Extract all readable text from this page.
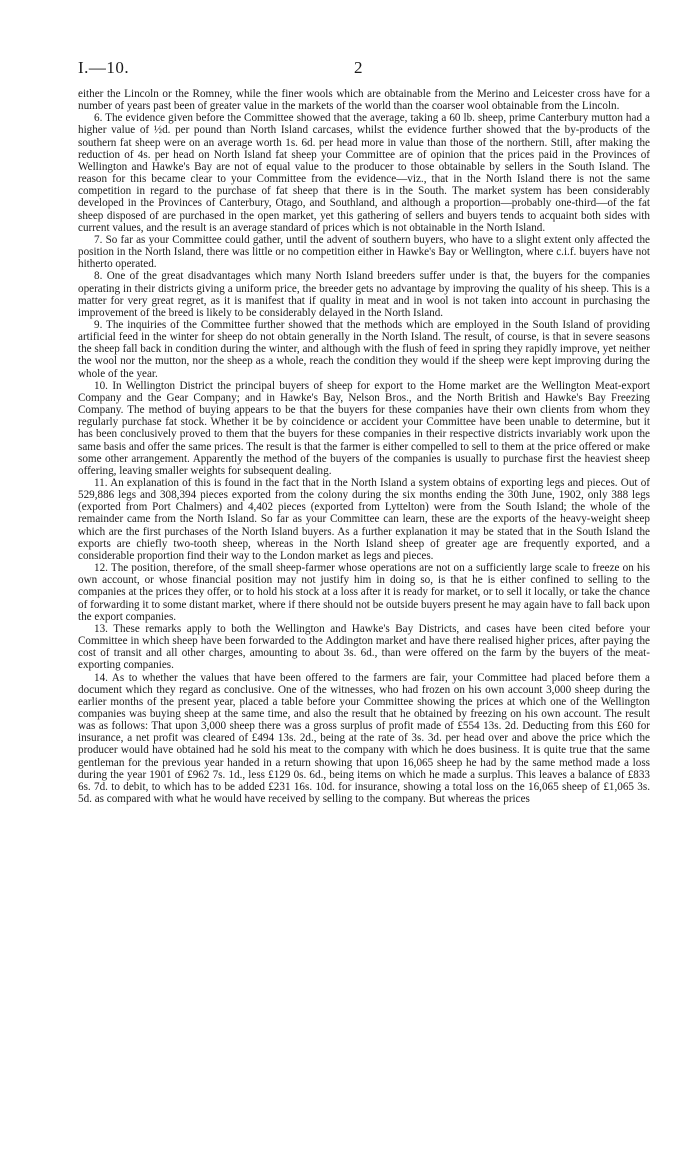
I.—10.	2

either the Lincoln or the Romney, while the finer wools which are obtainable from the Merino and Leicester cross have for a number of years past been of greater value in the markets of the world than the coarser wool obtainable from the Lincoln.

6. The evidence given before the Committee showed that the average, taking a 60 lb. sheep, prime Canterbury mutton had a higher value of ½d. per pound than North Island carcases, whilst the evidence further showed that the by-products of the southern fat sheep were on an average worth 1s. 6d. per head more in value than those of the northern. Still, after making the reduction of 4s. per head on North Island fat sheep your Committee are of opinion that the prices paid in the Provinces of Wellington and Hawke's Bay are not of equal value to the producer to those obtainable by sellers in the South Island. The reason for this became clear to your Committee from the evidence—viz., that in the North Island there is not the same competition in regard to the purchase of fat sheep that there is in the South. The market system has been considerably developed in the Provinces of Canterbury, Otago, and Southland, and although a proportion—probably one-third—of the fat sheep disposed of are purchased in the open market, yet this gathering of sellers and buyers tends to acquaint both sides with current values, and the result is an average standard of prices which is not obtainable in the North Island.

7. So far as your Committee could gather, until the advent of southern buyers, who have to a slight extent only affected the position in the North Island, there was little or no competition either in Hawke's Bay or Wellington, where c.i.f. buyers have not hitherto operated.

8. One of the great disadvantages which many North Island breeders suffer under is that, the buyers for the companies operating in their districts giving a uniform price, the breeder gets no advantage by improving the quality of his sheep. This is a matter for very great regret, as it is manifest that if quality in meat and in wool is not taken into account in purchasing the improvement of the breed is likely to be considerably delayed in the North Island.

9. The inquiries of the Committee further showed that the methods which are employed in the South Island of providing artificial feed in the winter for sheep do not obtain generally in the North Island. The result, of course, is that in severe seasons the sheep fall back in condition during the winter, and although with the flush of feed in spring they rapidly improve, yet neither the wool nor the mutton, nor the sheep as a whole, reach the condition they would if the sheep were kept improving during the whole of the year.

10. In Wellington District the principal buyers of sheep for export to the Home market are the Wellington Meat-export Company and the Gear Company; and in Hawke's Bay, Nelson Bros., and the North British and Hawke's Bay Freezing Company. The method of buying appears to be that the buyers for these companies have their own clients from whom they regularly purchase fat stock. Whether it be by coincidence or accident your Committee have been unable to determine, but it has been conclusively proved to them that the buyers for these companies in their respective districts invariably work upon the same basis and offer the same prices. The result is that the farmer is either compelled to sell to them at the price offered or make some other arrangement. Apparently the method of the buyers of the companies is usually to purchase first the heaviest sheep offering, leaving smaller weights for subsequent dealing.

11. An explanation of this is found in the fact that in the North Island a system obtains of exporting legs and pieces. Out of 529,886 legs and 308,394 pieces exported from the colony during the six months ending the 30th June, 1902, only 388 legs (exported from Port Chalmers) and 4,402 pieces (exported from Lyttelton) were from the South Island; the whole of the remainder came from the North Island. So far as your Committee can learn, these are the exports of the heavy-weight sheep which are the first purchases of the North Island buyers. As a further explanation it may be stated that in the South Island the exports are chiefly two-tooth sheep, whereas in the North Island sheep of greater age are frequently exported, and a considerable proportion find their way to the London market as legs and pieces.

12. The position, therefore, of the small sheep-farmer whose operations are not on a sufficiently large scale to freeze on his own account, or whose financial position may not justify him in doing so, is that he is either confined to selling to the companies at the prices they offer, or to hold his stock at a loss after it is ready for market, or to sell it locally, or take the chance of forwarding it to some distant market, where if there should not be outside buyers present he may again have to fall back upon the export companies.

13. These remarks apply to both the Wellington and Hawke's Bay Districts, and cases have been cited before your Committee in which sheep have been forwarded to the Addington market and have there realised higher prices, after paying the cost of transit and all other charges, amounting to about 3s. 6d., than were offered on the farm by the buyers of the meat-exporting companies.

14. As to whether the values that have been offered to the farmers are fair, your Committee had placed before them a document which they regard as conclusive. One of the witnesses, who had frozen on his own account 3,000 sheep during the earlier months of the present year, placed a table before your Committee showing the prices at which one of the Wellington companies was buying sheep at the same time, and also the result that he obtained by freezing on his own account. The result was as follows: That upon 3,000 sheep there was a gross surplus of profit made of £554 13s. 2d. Deducting from this £60 for insurance, a net profit was cleared of £494 13s. 2d., being at the rate of 3s. 3d. per head over and above the price which the producer would have obtained had he sold his meat to the company with which he does business. It is quite true that the same gentleman for the previous year handed in a return showing that upon 16,065 sheep he had by the same method made a loss during the year 1901 of £962 7s. 1d., less £129 0s. 6d., being items on which he made a surplus. This leaves a balance of £833 6s. 7d. to debit, to which has to be added £231 16s. 10d. for insurance, showing a total loss on the 16,065 sheep of £1,065 3s. 5d. as compared with what he would have received by selling to the company. But whereas the prices
